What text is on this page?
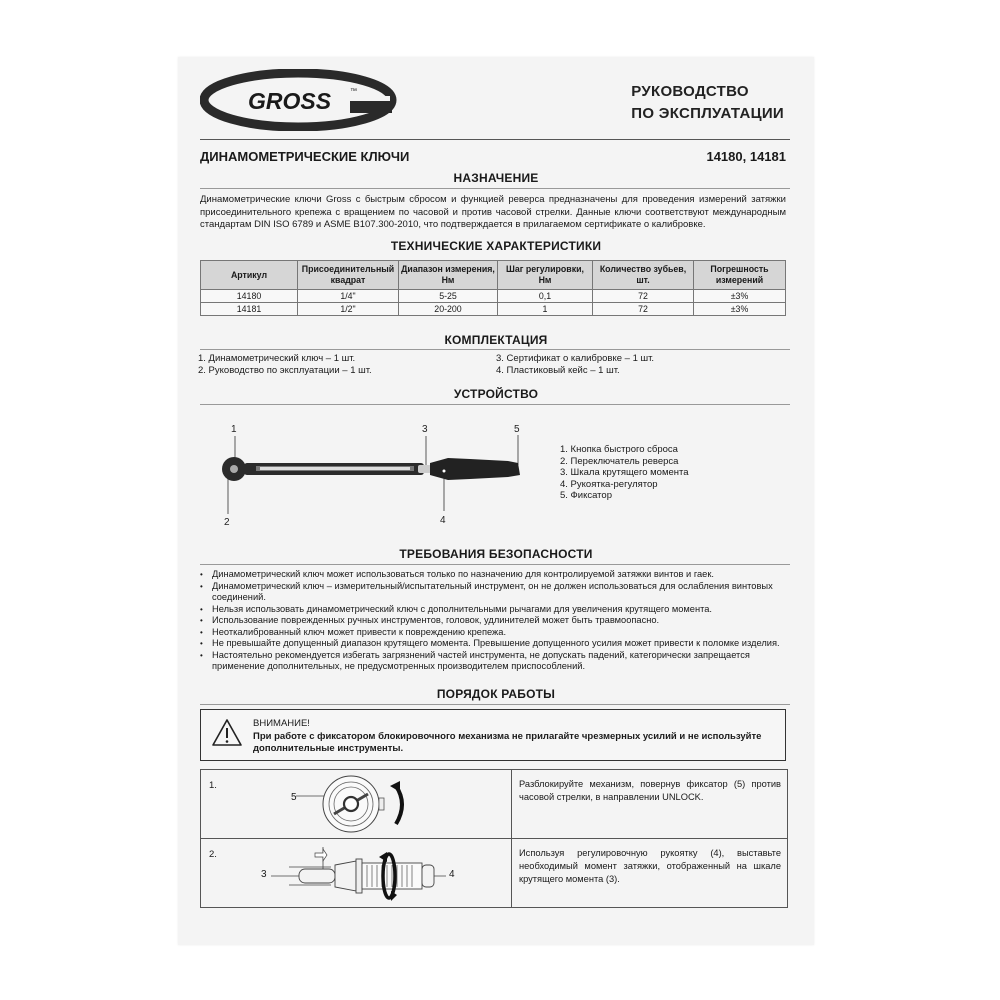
GROSS	™	РУКОВОДСТВО
ПО ЭКСПЛУАТАЦИИ
ДИНАМОМЕТРИЧЕСКИЕ КЛЮЧИ	14180, 14181
НАЗНАЧЕНИЕ
Динамометрические ключи Gross с быстрым сбросом и функцией реверса предназначены для проведения измерений затяжки присоединительного крепежа с вращением по часовой и против часовой стрелки. Данные ключи соответствуют международным стандартам DIN ISO 6789 и ASME B107.300-2010, что подтверждается в прилагаемом сертификате о калибровке.
ТЕХНИЧЕСКИЕ ХАРАКТЕРИСТИКИ
Артикул	Присоединительный квадрат	Диапазон измерения, Нм	Шаг регулировки, Нм	Количество зубьев, шт.	Погрешность измерений
14180	1/4"	5-25	0,1	72	±3%
14181	1/2"	20-200	1	72	±3%
КОМПЛЕКТАЦИЯ
1. Динамометрический ключ – 1 шт.
2. Руководство по эксплуатации – 1 шт.
3. Сертификат о калибровке – 1 шт.
4. Пластиковый кейс – 1 шт.
УСТРОЙСТВО
1
2
3
4
5
1. Кнопка быстрого сброса
2. Переключатель реверса
3. Шкала крутящего момента
4. Рукоятка-регулятор
5. Фиксатор
ТРЕБОВАНИЯ БЕЗОПАСНОСТИ
• Динамометрический ключ может использоваться только по назначению для контролируемой затяжки винтов и гаек.
• Динамометрический ключ – измерительный/испытательный инструмент, он не должен использоваться для ослабления винтовых соединений.
• Нельзя использовать динамометрический ключ с дополнительными рычагами для увеличения крутящего момента.
• Использование поврежденных ручных инструментов, головок, удлинителей может быть травмоопасно.
• Неоткалиброванный ключ может привести к повреждению крепежа.
• Не превышайте допущенный диапазон крутящего момента. Превышение допущенного усилия может привести к поломке изделия.
• Настоятельно рекомендуется избегать загрязнений частей инструмента, не допускать падений, категорически запрещается применение дополнительных, не предусмотренных производителем приспособлений.
ПОРЯДОК РАБОТЫ
ВНИМАНИЕ!
При работе с фиксатором блокировочного механизма не прилагайте чрезмерных усилий и не используйте дополнительные инструменты.
1.
5
Разблокируйте механизм, повернув фиксатор (5) против часовой стрелки, в направлении UNLOCK.
2.
3	4
Используя регулировочную рукоятку (4), выставьте необходимый момент затяжки, отображенный на шкале крутящего момента (3).
